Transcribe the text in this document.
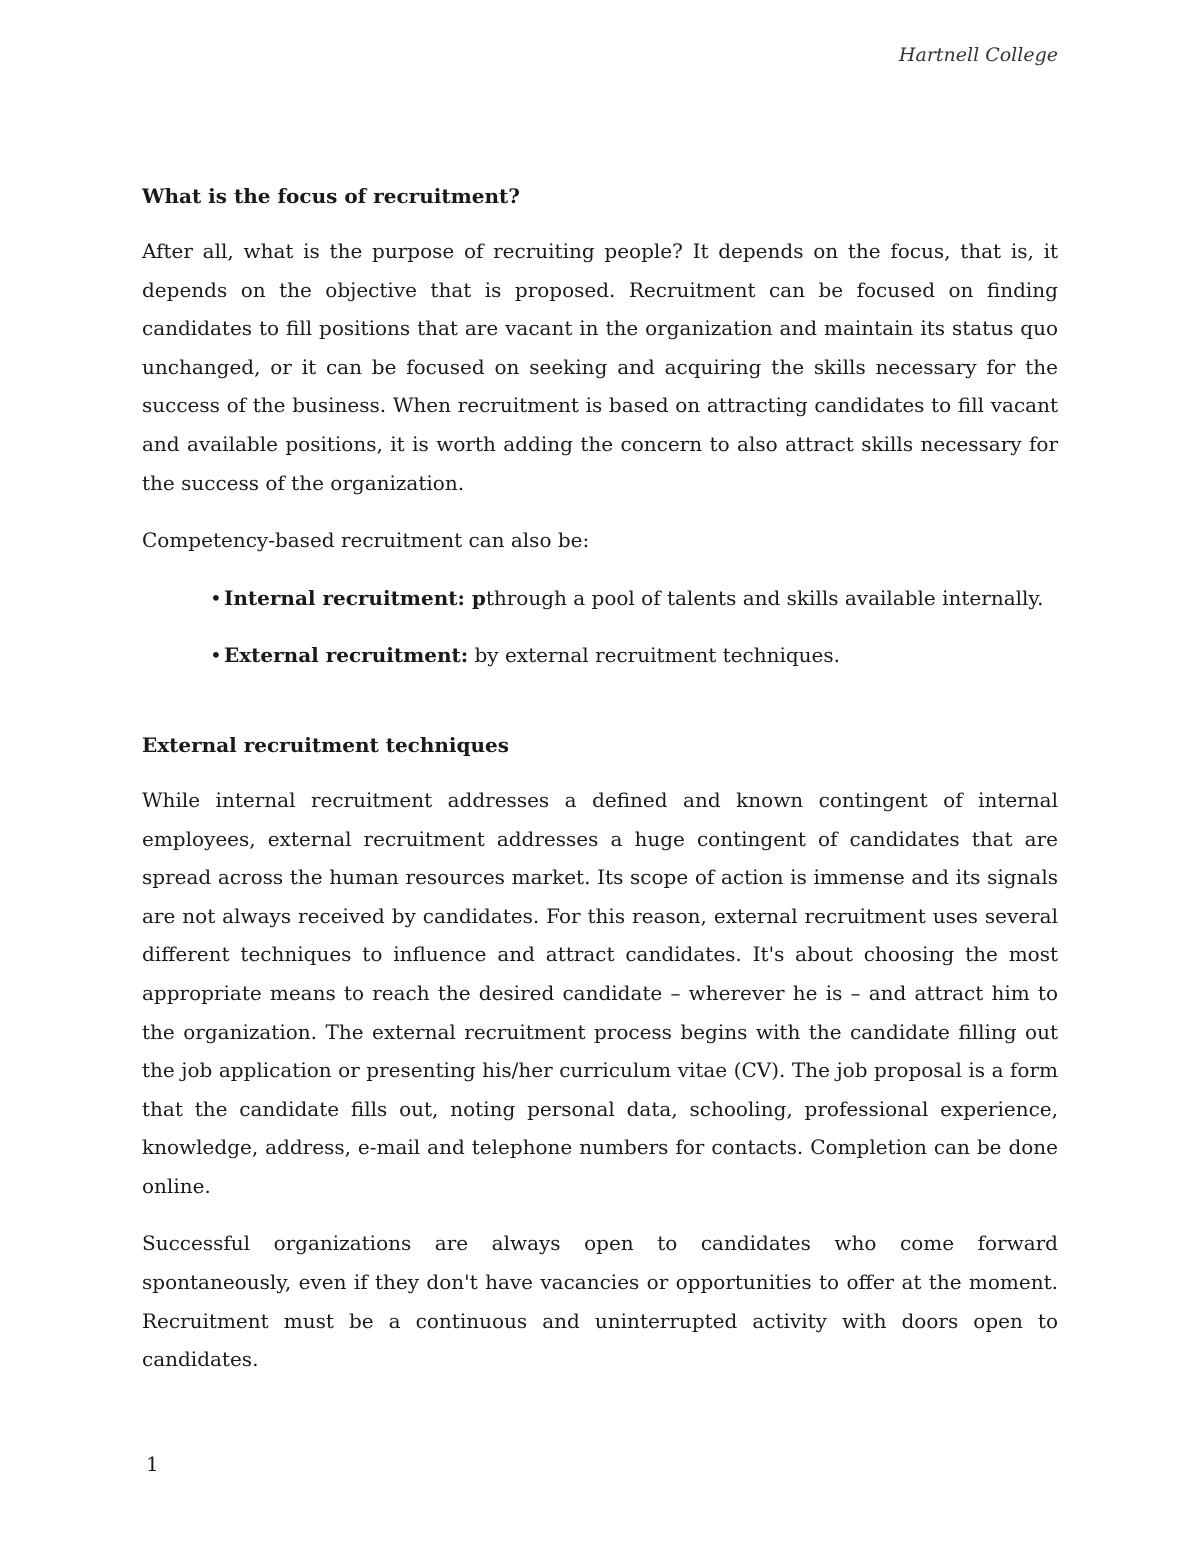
Hartnell College
What is the focus of recruitment?

After all, what is the purpose of recruiting people? It depends on the focus, that is, it depends on the objective that is proposed. Recruitment can be focused on finding candidates to fill positions that are vacant in the organization and maintain its status quo unchanged, or it can be focused on seeking and acquiring the skills necessary for the success of the business. When recruitment is based on attracting candidates to fill vacant and available positions, it is worth adding the concern to also attract skills necessary for the success of the organization.

Competency-based recruitment can also be:

• Internal recruitment: pthrough a pool of talents and skills available internally.
• External recruitment: by external recruitment techniques.
External recruitment techniques

While internal recruitment addresses a defined and known contingent of internal employees, external recruitment addresses a huge contingent of candidates that are spread across the human resources market. Its scope of action is immense and its signals are not always received by candidates. For this reason, external recruitment uses several different techniques to influence and attract candidates. It's about choosing the most appropriate means to reach the desired candidate – wherever he is – and attract him to the organization. The external recruitment process begins with the candidate filling out the job application or presenting his/her curriculum vitae (CV). The job proposal is a form that the candidate fills out, noting personal data, schooling, professional experience, knowledge, address, e-mail and telephone numbers for contacts. Completion can be done online.

Successful organizations are always open to candidates who come forward spontaneously, even if they don't have vacancies or opportunities to offer at the moment. Recruitment must be a continuous and uninterrupted activity with doors open to candidates.

1
